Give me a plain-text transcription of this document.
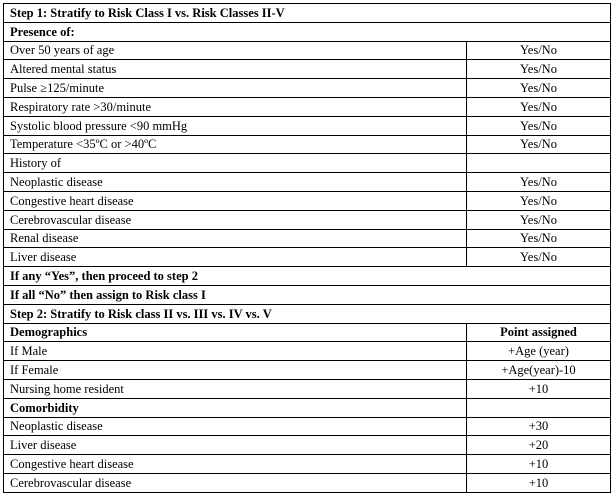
Step 1: Stratify to Risk Class I vs. Risk Classes II-V	
Presence of:	
Over 50 years of age	Yes/No
Altered mental status	Yes/No
Pulse ≥125/minute	Yes/No
Respiratory rate >30/minute	Yes/No
Systolic blood pressure <90 mmHg	Yes/No
Temperature <35ºC or >40ºC	Yes/No
History of	
Neoplastic disease	Yes/No
Congestive heart disease	Yes/No
Cerebrovascular disease	Yes/No
Renal disease	Yes/No
Liver disease	Yes/No
If any “Yes”, then proceed to step 2	
If all “No” then assign to Risk class I	
Step 2: Stratify to Risk class II vs. III vs. IV vs. V	
Demographics	Point assigned
If Male	+Age (year)
If Female	+Age(year)-10
Nursing home resident	+10
Comorbidity	
Neoplastic disease	+30
Liver disease	+20
Congestive heart disease	+10
Cerebrovascular disease	+10
